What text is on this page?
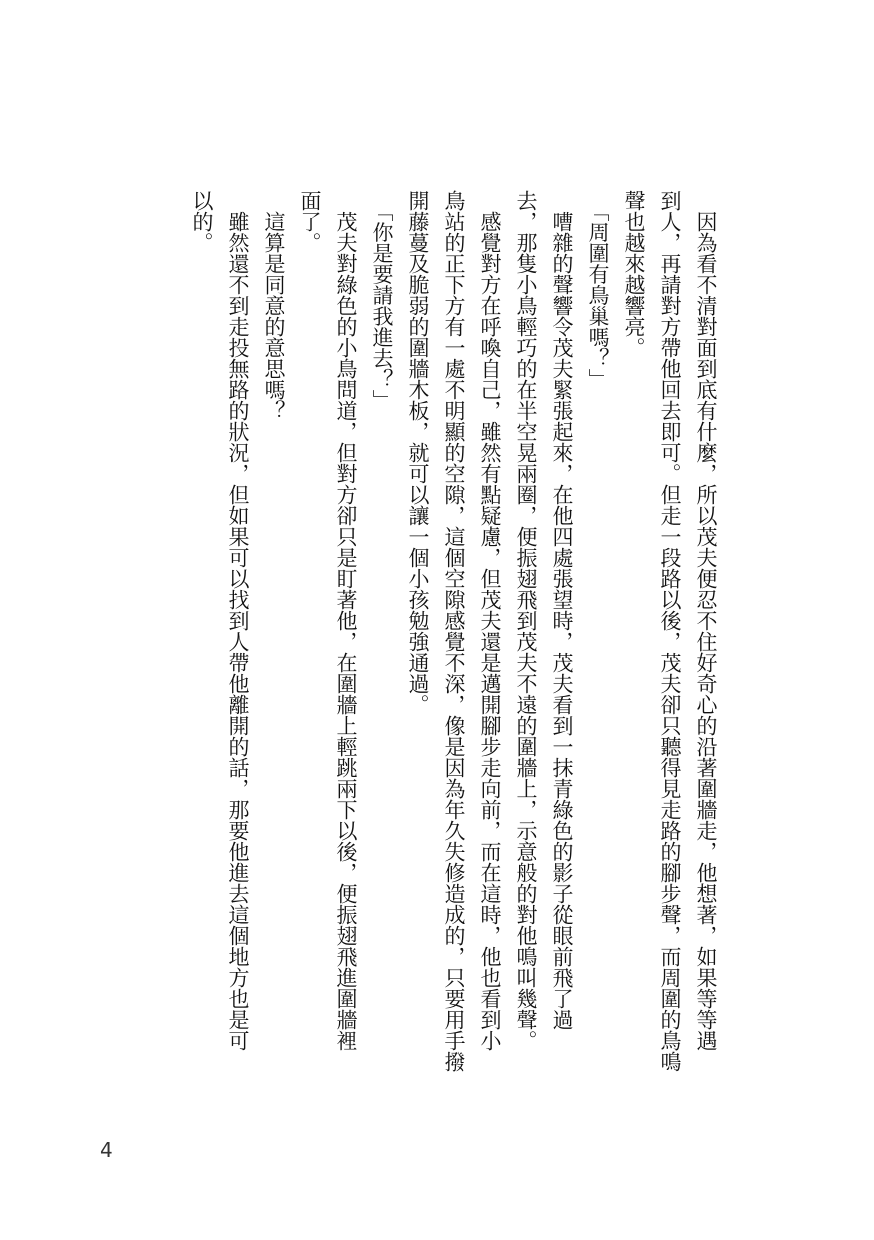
　因為看不清對面到底有什麼，所以茂夫便忍不住好奇心的沿著圍牆走，他想著，如果等等遇

到人，再請對方帶他回去即可。但走一段路以後，茂夫卻只聽得見走路的腳步聲，而周圍的鳥鳴

聲也越來越響亮。

　「周圍有鳥巢嗎？」

　嘈雜的聲響令茂夫緊張起來，在他四處張望時，茂夫看到一抹青綠色的影子從眼前飛了過

去，那隻小鳥輕巧的在半空晃兩圈，便振翅飛到茂夫不遠的圍牆上，示意般的對他鳴叫幾聲。

　感覺對方在呼喚自己，雖然有點疑慮，但茂夫還是邁開腳步走向前，而在這時，他也看到小

鳥站的正下方有一處不明顯的空隙，這個空隙感覺不深，像是因為年久失修造成的，只要用手撥

開藤蔓及脆弱的圍牆木板，就可以讓一個小孩勉強通過。

　「你是要請我進去？」

　茂夫對綠色的小鳥問道，但對方卻只是盯著他，在圍牆上輕跳兩下以後，便振翅飛進圍牆裡

面了。

　這算是同意的意思嗎？

　雖然還不到走投無路的狀況，但如果可以找到人帶他離開的話，那要他進去這個地方也是可

以的。

4
